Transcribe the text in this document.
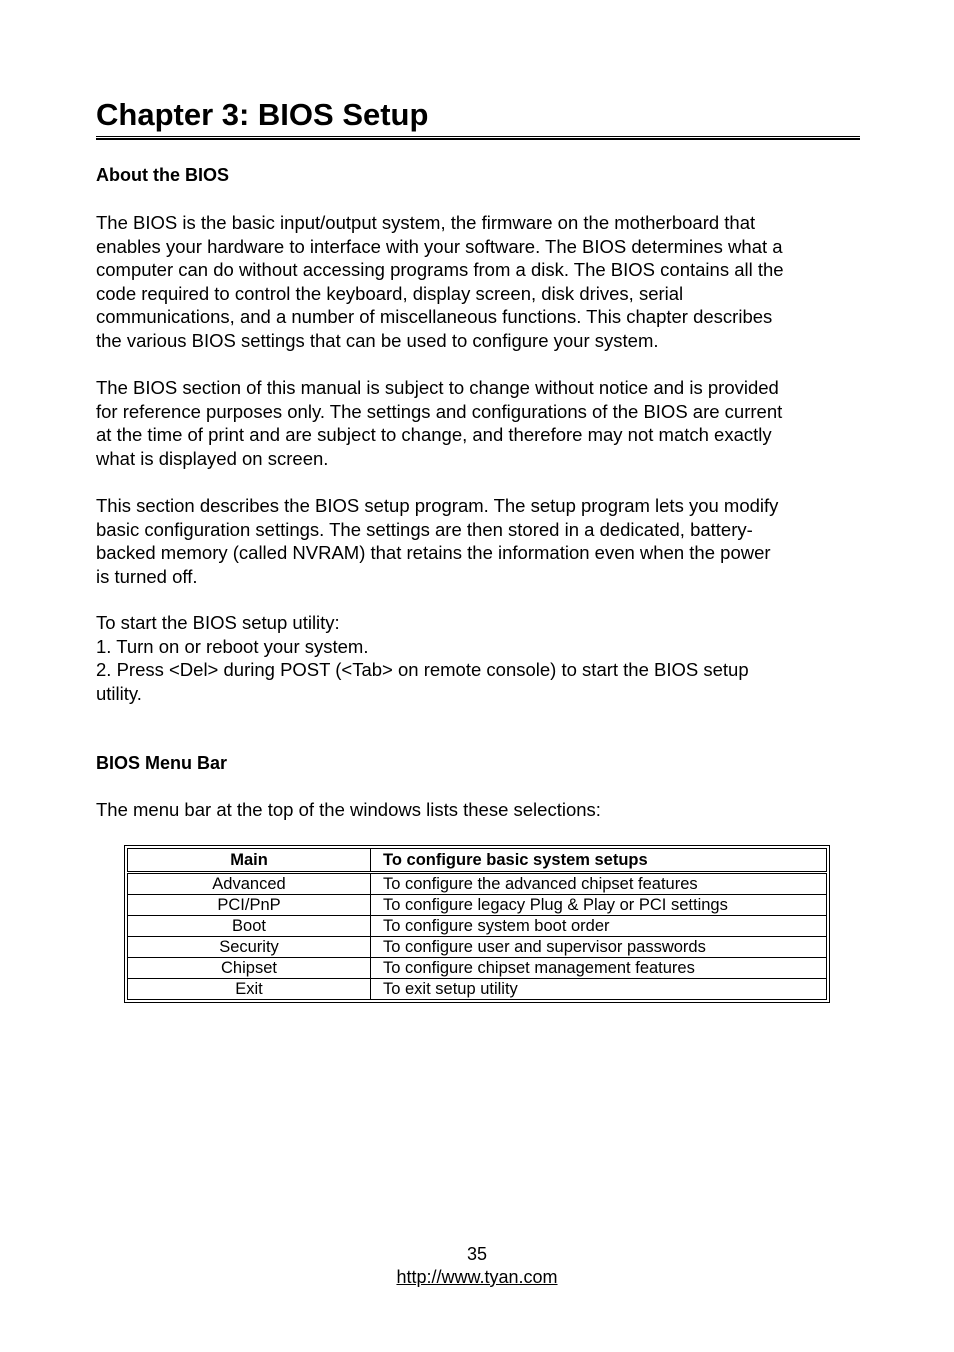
Chapter 3: BIOS Setup
About the BIOS

The BIOS is the basic input/output system, the firmware on the motherboard that
enables your hardware to interface with your software. The BIOS determines what a
computer can do without accessing programs from a disk. The BIOS contains all the
code required to control the keyboard, display screen, disk drives, serial
communications, and a number of miscellaneous functions. This chapter describes
the various BIOS settings that can be used to configure your system.

The BIOS section of this manual is subject to change without notice and is provided
for reference purposes only. The settings and configurations of the BIOS are current
at the time of print and are subject to change, and therefore may not match exactly
what is displayed on screen.

This section describes the BIOS setup program. The setup program lets you modify
basic configuration settings. The settings are then stored in a dedicated, battery-
backed memory (called NVRAM) that retains the information even when the power
is turned off.

To start the BIOS setup utility:
1. Turn on or reboot your system.
2. Press <Del> during POST (<Tab> on remote console) to start the BIOS setup
utility.

BIOS Menu Bar

The menu bar at the top of the windows lists these selections:

Main	To configure basic system setups
Advanced	To configure the advanced chipset features
PCI/PnP	To configure legacy Plug & Play or PCI settings
Boot	To configure system boot order
Security	To configure user and supervisor passwords
Chipset	To configure chipset management features
Exit	To exit setup utility
35
http://www.tyan.com
